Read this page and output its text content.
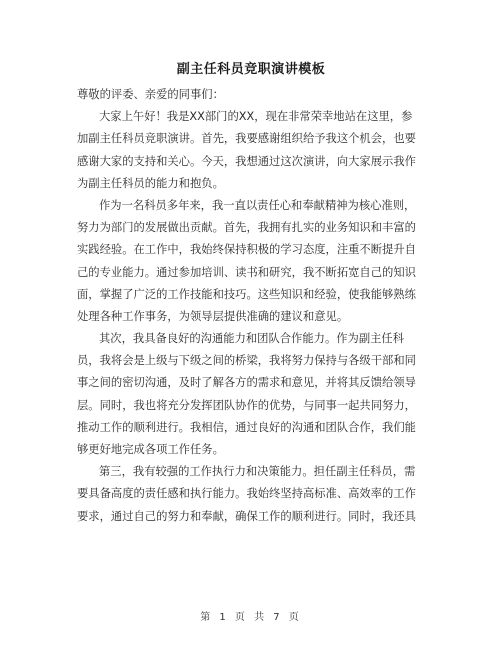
副主任科员竞职演讲模板
尊敬的评委、亲爱的同事们：
大家上午好！我是XX部门的XX，现在非常荣幸地站在这里，参
加副主任科员竞职演讲。首先，我要感谢组织给予我这个机会，也要
感谢大家的支持和关心。今天，我想通过这次演讲，向大家展示我作
为副主任科员的能力和抱负。
作为一名科员多年来，我一直以责任心和奉献精神为核心准则，
努力为部门的发展做出贡献。首先，我拥有扎实的业务知识和丰富的
实践经验。在工作中，我始终保持积极的学习态度，注重不断提升自
己的专业能力。通过参加培训、读书和研究，我不断拓宽自己的知识
面，掌握了广泛的工作技能和技巧。这些知识和经验，使我能够熟练
处理各种工作事务，为领导层提供准确的建议和意见。
其次，我具备良好的沟通能力和团队合作能力。作为副主任科
员，我将会是上级与下级之间的桥梁，我将努力保持与各级干部和同
事之间的密切沟通，及时了解各方的需求和意见，并将其反馈给领导
层。同时，我也将充分发挥团队协作的优势，与同事一起共同努力，
推动工作的顺利进行。我相信，通过良好的沟通和团队合作，我们能
够更好地完成各项工作任务。
第三，我有较强的工作执行力和决策能力。担任副主任科员，需
要具备高度的责任感和执行能力。我始终坚持高标准、高效率的工作
要求，通过自己的努力和奉献，确保工作的顺利进行。同时，我还具
第 1 页 共 7 页
